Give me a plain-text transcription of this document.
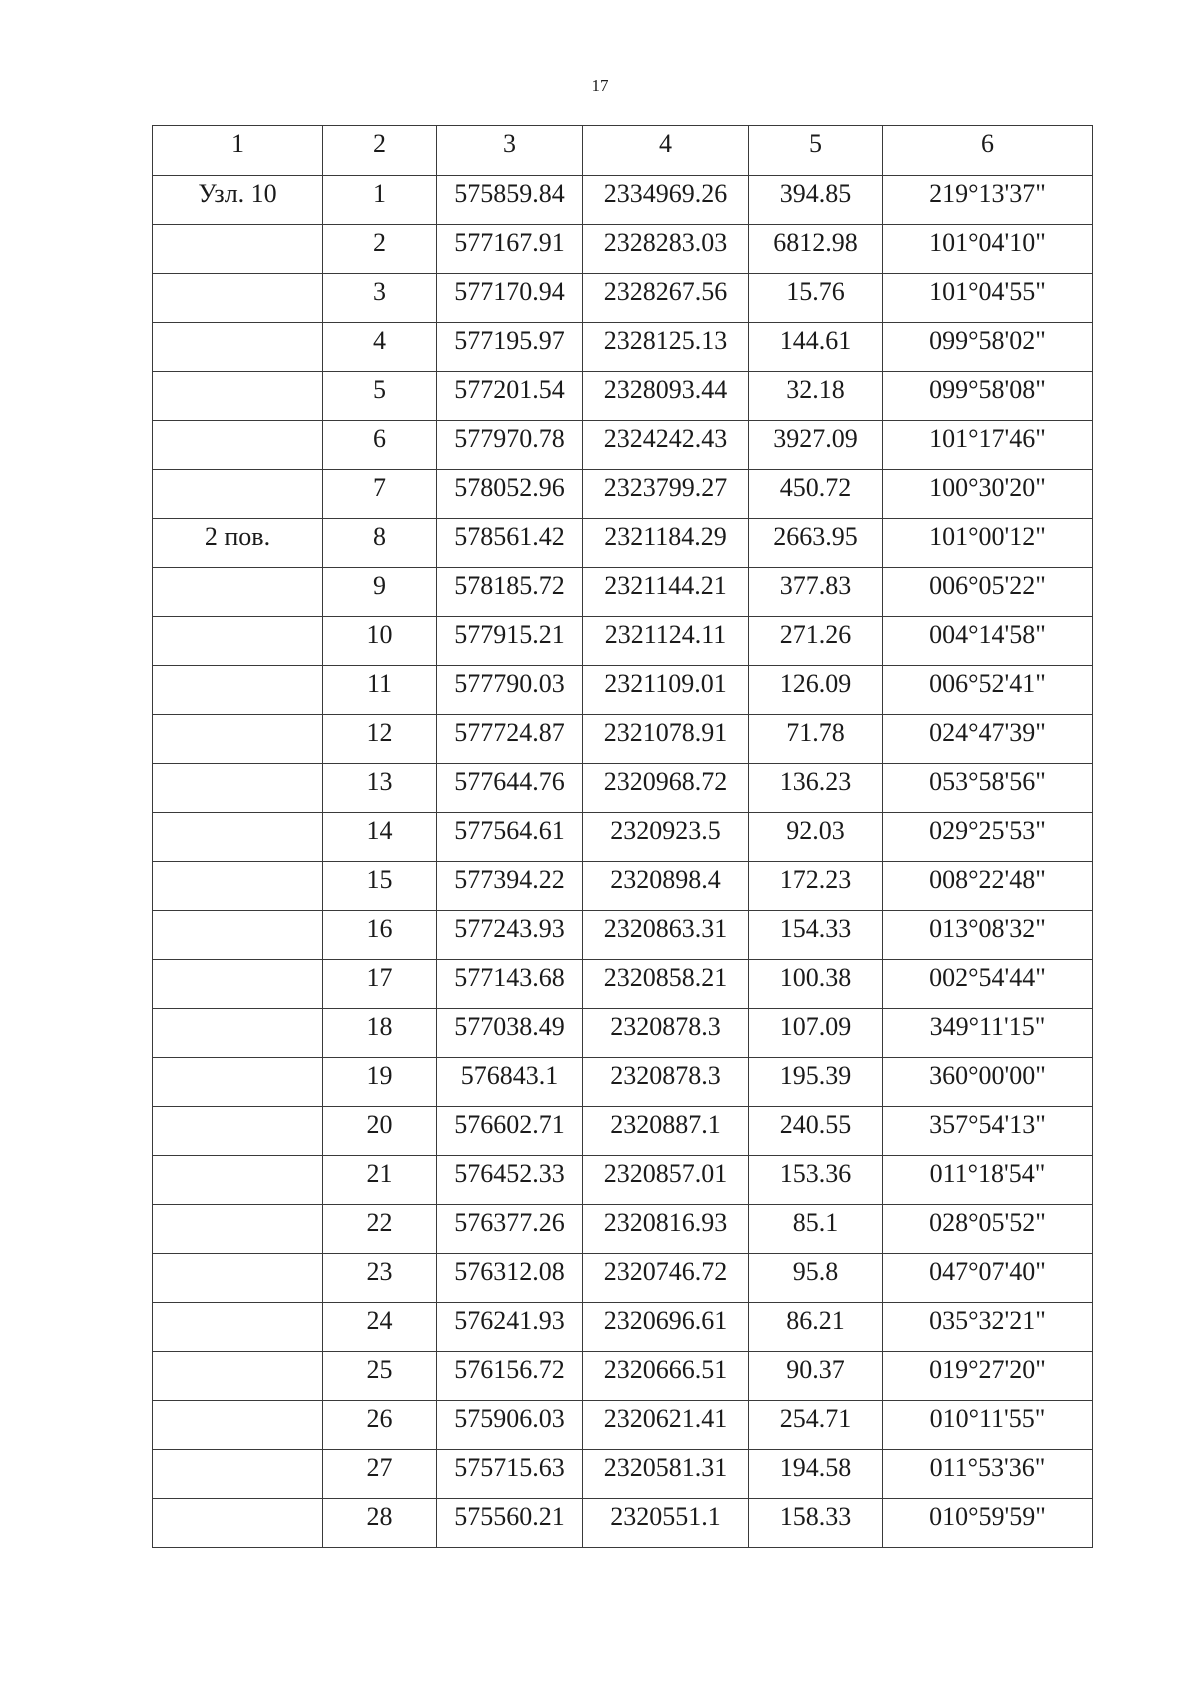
17
1	2	3	4	5	6
Узл. 10	1	575859.84	2334969.26	394.85	219°13'37"
	2	577167.91	2328283.03	6812.98	101°04'10"
	3	577170.94	2328267.56	15.76	101°04'55"
	4	577195.97	2328125.13	144.61	099°58'02"
	5	577201.54	2328093.44	32.18	099°58'08"
	6	577970.78	2324242.43	3927.09	101°17'46"
	7	578052.96	2323799.27	450.72	100°30'20"
2 пов.	8	578561.42	2321184.29	2663.95	101°00'12"
	9	578185.72	2321144.21	377.83	006°05'22"
	10	577915.21	2321124.11	271.26	004°14'58"
	11	577790.03	2321109.01	126.09	006°52'41"
	12	577724.87	2321078.91	71.78	024°47'39"
	13	577644.76	2320968.72	136.23	053°58'56"
	14	577564.61	2320923.5	92.03	029°25'53"
	15	577394.22	2320898.4	172.23	008°22'48"
	16	577243.93	2320863.31	154.33	013°08'32"
	17	577143.68	2320858.21	100.38	002°54'44"
	18	577038.49	2320878.3	107.09	349°11'15"
	19	576843.1	2320878.3	195.39	360°00'00"
	20	576602.71	2320887.1	240.55	357°54'13"
	21	576452.33	2320857.01	153.36	011°18'54"
	22	576377.26	2320816.93	85.1	028°05'52"
	23	576312.08	2320746.72	95.8	047°07'40"
	24	576241.93	2320696.61	86.21	035°32'21"
	25	576156.72	2320666.51	90.37	019°27'20"
	26	575906.03	2320621.41	254.71	010°11'55"
	27	575715.63	2320581.31	194.58	011°53'36"
	28	575560.21	2320551.1	158.33	010°59'59"
